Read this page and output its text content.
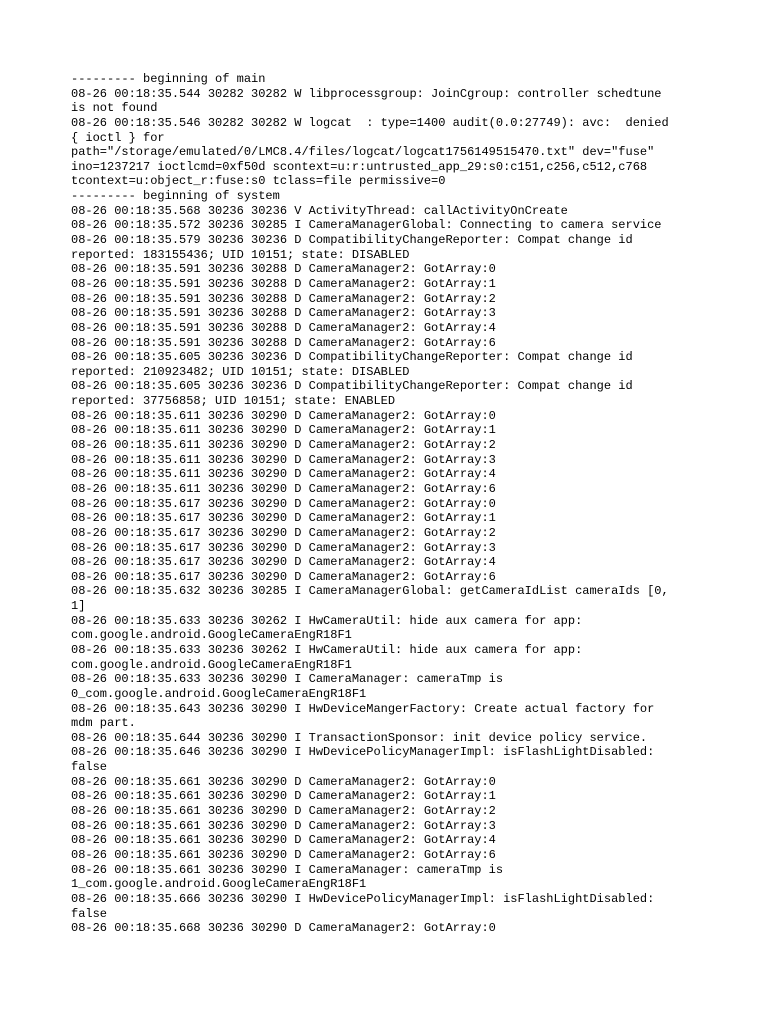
--------- beginning of main
08-26 00:18:35.544 30282 30282 W libprocessgroup: JoinCgroup: controller schedtune
is not found
08-26 00:18:35.546 30282 30282 W logcat  : type=1400 audit(0.0:27749): avc:  denied
{ ioctl } for
path="/storage/emulated/0/LMC8.4/files/logcat/logcat1756149515470.txt" dev="fuse"
ino=1237217 ioctlcmd=0xf50d scontext=u:r:untrusted_app_29:s0:c151,c256,c512,c768
tcontext=u:object_r:fuse:s0 tclass=file permissive=0
--------- beginning of system
08-26 00:18:35.568 30236 30236 V ActivityThread: callActivityOnCreate
08-26 00:18:35.572 30236 30285 I CameraManagerGlobal: Connecting to camera service
08-26 00:18:35.579 30236 30236 D CompatibilityChangeReporter: Compat change id
reported: 183155436; UID 10151; state: DISABLED
08-26 00:18:35.591 30236 30288 D CameraManager2: GotArray:0
08-26 00:18:35.591 30236 30288 D CameraManager2: GotArray:1
08-26 00:18:35.591 30236 30288 D CameraManager2: GotArray:2
08-26 00:18:35.591 30236 30288 D CameraManager2: GotArray:3
08-26 00:18:35.591 30236 30288 D CameraManager2: GotArray:4
08-26 00:18:35.591 30236 30288 D CameraManager2: GotArray:6
08-26 00:18:35.605 30236 30236 D CompatibilityChangeReporter: Compat change id
reported: 210923482; UID 10151; state: DISABLED
08-26 00:18:35.605 30236 30236 D CompatibilityChangeReporter: Compat change id
reported: 37756858; UID 10151; state: ENABLED
08-26 00:18:35.611 30236 30290 D CameraManager2: GotArray:0
08-26 00:18:35.611 30236 30290 D CameraManager2: GotArray:1
08-26 00:18:35.611 30236 30290 D CameraManager2: GotArray:2
08-26 00:18:35.611 30236 30290 D CameraManager2: GotArray:3
08-26 00:18:35.611 30236 30290 D CameraManager2: GotArray:4
08-26 00:18:35.611 30236 30290 D CameraManager2: GotArray:6
08-26 00:18:35.617 30236 30290 D CameraManager2: GotArray:0
08-26 00:18:35.617 30236 30290 D CameraManager2: GotArray:1
08-26 00:18:35.617 30236 30290 D CameraManager2: GotArray:2
08-26 00:18:35.617 30236 30290 D CameraManager2: GotArray:3
08-26 00:18:35.617 30236 30290 D CameraManager2: GotArray:4
08-26 00:18:35.617 30236 30290 D CameraManager2: GotArray:6
08-26 00:18:35.632 30236 30285 I CameraManagerGlobal: getCameraIdList cameraIds [0,
1]
08-26 00:18:35.633 30236 30262 I HwCameraUtil: hide aux camera for app:
com.google.android.GoogleCameraEngR18F1
08-26 00:18:35.633 30236 30262 I HwCameraUtil: hide aux camera for app:
com.google.android.GoogleCameraEngR18F1
08-26 00:18:35.633 30236 30290 I CameraManager: cameraTmp is
0_com.google.android.GoogleCameraEngR18F1
08-26 00:18:35.643 30236 30290 I HwDeviceMangerFactory: Create actual factory for
mdm part.
08-26 00:18:35.644 30236 30290 I TransactionSponsor: init device policy service.
08-26 00:18:35.646 30236 30290 I HwDevicePolicyManagerImpl: isFlashLightDisabled:
false
08-26 00:18:35.661 30236 30290 D CameraManager2: GotArray:0
08-26 00:18:35.661 30236 30290 D CameraManager2: GotArray:1
08-26 00:18:35.661 30236 30290 D CameraManager2: GotArray:2
08-26 00:18:35.661 30236 30290 D CameraManager2: GotArray:3
08-26 00:18:35.661 30236 30290 D CameraManager2: GotArray:4
08-26 00:18:35.661 30236 30290 D CameraManager2: GotArray:6
08-26 00:18:35.661 30236 30290 I CameraManager: cameraTmp is
1_com.google.android.GoogleCameraEngR18F1
08-26 00:18:35.666 30236 30290 I HwDevicePolicyManagerImpl: isFlashLightDisabled:
false
08-26 00:18:35.668 30236 30290 D CameraManager2: GotArray:0
